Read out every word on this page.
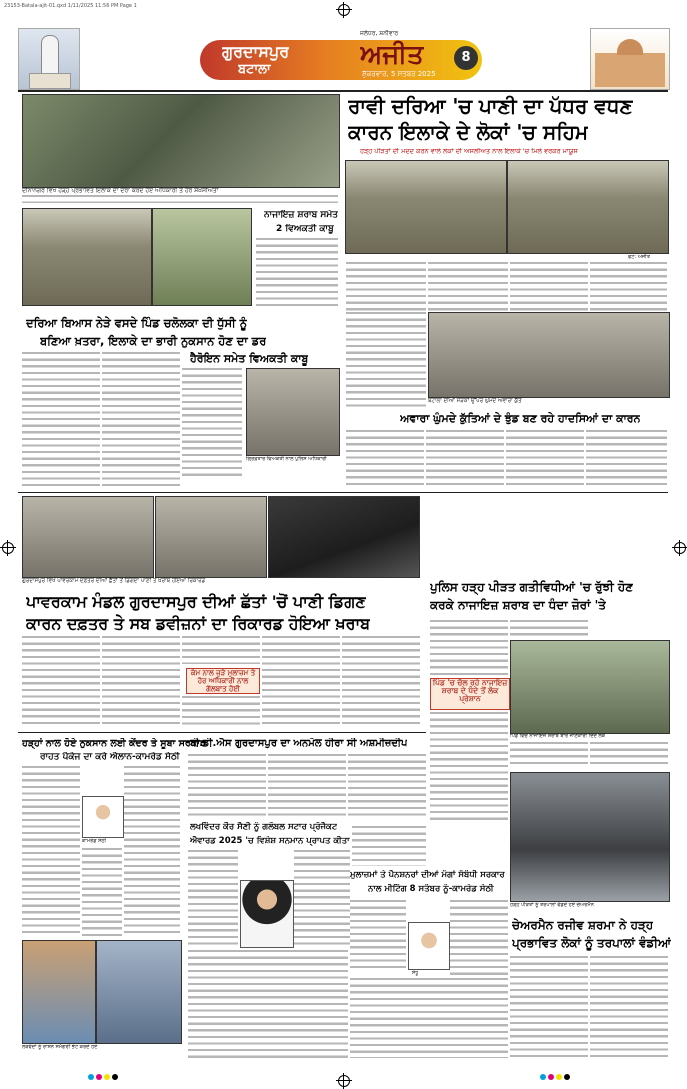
23153-Batala-ajit-01.qxd 1/11/2025 11:56 PM Page 1
ਗੁਰਦਾਸਪੁਰ
ਬਟਾਲਾ	ਅਜੀਤ
ਜਲੰਧਰ, ਸ਼ਨੀਵਾਰ
ਸ਼ੁੱਕਰਵਾਰ, 5 ਸਤੰਬਰ 2025
8
ਦੀਨਾਨਗਰ ਵਿਖੇ ਹੜ੍ਹ ਪ੍ਰਭਾਵਿਤ ਇਲਾਕੇ ਦਾ ਦੌਰਾ ਕਰਦੇ ਹੋਏ ਅਧਿਕਾਰੀ ਤੇ ਹੋਰ ਸ਼ਖ਼ਸੀਅਤਾਂ
ਰਾਵੀ ਦਰਿਆ 'ਚ ਪਾਣੀ ਦਾ ਪੱਧਰ ਵਧਣ
ਕਾਰਨ ਇਲਾਕੇ ਦੇ ਲੋਕਾਂ 'ਚ ਸਹਿਮ
ਹੜ੍ਹ ਪੀੜਤਾਂ ਦੀ ਮਦਦ ਕਰਨ ਵਾਲੇ ਲੋਕਾਂ ਦੀ ਅਸਲੀਅਤ ਨਾਲ ਇਲਾਕੇ 'ਚ ਮਿਲੇ ਵਰਕਰ ਮਾਯੂਸ
ਫੋਟੋ: ਅਜੀਤ
ਨਾਜਾਇਜ਼ ਸ਼ਰਾਬ ਸਮੇਤ
2 ਵਿਅਕਤੀ ਕਾਬੂ
ਦਰਿਆ ਬਿਆਸ ਨੇੜੇ ਵਸਦੇ ਪਿੰਡ ਚਲੋਲਕਾ ਦੀ ਧੁੱਸੀ ਨੂੰ
ਬਣਿਆ ਖ਼ਤਰਾ, ਇਲਾਕੇ ਦਾ ਭਾਰੀ ਨੁਕਸਾਨ ਹੋਣ ਦਾ ਡਰ
ਹੈਰੋਇਨ ਸਮੇਤ ਵਿਅਕਤੀ ਕਾਬੂ
ਗ੍ਰਿਫ਼ਤਾਰ ਵਿਅਕਤੀ ਨਾਲ ਪੁਲਿਸ ਅਧਿਕਾਰੀ
ਬਟਾਲਾ ਦੀਆਂ ਸੜਕਾਂ ਉੱਪਰ ਘੁੰਮਦੇ ਅਵਾਰਾ ਕੁੱਤੇ
ਅਵਾਰਾ ਘੁੰਮਦੇ ਕੁੱਤਿਆਂ ਦੇ ਝੁੰਡ ਬਣ ਰਹੇ ਹਾਦਸਿਆਂ ਦਾ ਕਾਰਨ
ਗੁਰਦਾਸਪੁਰ ਵਿਖੇ ਪਾਵਰਕਾਮ ਦਫ਼ਤਰ ਦੀਆਂ ਛੱਤਾਂ ਤੋਂ ਡਿਗਦਾ ਪਾਣੀ ਤੇ ਖ਼ਰਾਬ ਹੋਇਆ ਰਿਕਾਰਡ
ਪਾਵਰਕਾਮ ਮੰਡਲ ਗੁਰਦਾਸਪੁਰ ਦੀਆਂ ਛੱਤਾਂ 'ਚੋਂ ਪਾਣੀ ਡਿਗਣ
ਕਾਰਨ ਦਫ਼ਤਰ ਤੇ ਸਬ ਡਵੀਜ਼ਨਾਂ ਦਾ ਰਿਕਾਰਡ ਹੋਇਆ ਖ਼ਰਾਬ
ਕੰਮ ਨਾਲ ਜੁੜੇ ਮੁਲਾਜ਼ਮ ਤੇ ਹੋਰ ਅਧਿਕਾਰੀ ਨਾਲ ਗੱਲਬਾਤ ਹੋਈ
ਪੁਲਿਸ ਹੜ੍ਹ ਪੀੜਤ ਗਤੀਵਿਧੀਆਂ 'ਚ ਰੁੱਝੀ ਹੋਣ
ਕਰਕੇ ਨਾਜਾਇਜ਼ ਸ਼ਰਾਬ ਦਾ ਧੰਦਾ ਜ਼ੋਰਾਂ 'ਤੇ
ਪਿੰਡ 'ਚ ਚੱਲ ਰਹੇ ਨਾਜਾਇਜ਼ ਸ਼ਰਾਬ ਦੇ ਧੰਦੇ ਤੋਂ ਲੋਕ ਪ੍ਰੇਸ਼ਾਨ
ਪਿੰਡ ਵਿਚ ਨਾਜਾਇਜ਼ ਸ਼ਰਾਬ ਬਾਰੇ ਜਾਣਕਾਰੀ ਦਿੰਦੇ ਲੋਕ
ਹੜ੍ਹਾਂ ਨਾਲ ਹੋਏ ਨੁਕਸਾਨ ਲਈ ਕੇਂਦਰ ਤੇ ਸੂਬਾ ਸਰਕਾਰ
ਰਾਹਤ ਪੈਕੇਜ ਦਾ ਕਰੇ ਐਲਾਨ-ਕਾਮਰੇਡ ਸੇਠੀ
ਕਾਮਰੇਡ ਸੇਠੀ
ਬੀ.ਡੀ.ਐਸ ਗੁਰਦਾਸਪੁਰ ਦਾ ਅਨਮੋਲ ਹੀਰਾ ਸੀ ਅਸ਼ਮੀਜ਼ਦੀਪ
ਲਖਵਿੰਦਰ ਕੌਰ ਸੈਣੀ ਨੂੰ ਗਲੋਬਲ ਸਟਾਰ ਪ੍ਰੋਜੈਕਟ
ਐਵਾਰਡ 2025 'ਚ ਵਿਸ਼ੇਸ਼ ਸਨਮਾਨ ਪ੍ਰਾਪਤ ਕੀਤਾ
ਮੁਲਾਜ਼ਮਾਂ ਤੇ ਪੈਨਸ਼ਨਰਾਂ ਦੀਆਂ ਮੰਗਾਂ ਸੰਬੰਧੀ ਸਰਕਾਰ
ਨਾਲ ਮੀਟਿੰਗ 8 ਸਤੰਬਰ ਨੂੰ-ਕਾਮਰੇਡ ਸੇਠੀ
ਸੰਧੂ
ਲੋੜਵੰਦਾਂ ਨੂੰ ਰਾਸ਼ਨ ਸਮੱਗਰੀ ਭੇਟ ਕਰਦੇ ਹੋਏ
ਹੜ੍ਹ ਪੀੜਤਾਂ ਨੂੰ ਤਰਪਾਲਾਂ ਵੰਡਦੇ ਹੋਏ ਚੇਅਰਮੈਨ
ਚੇਅਰਮੈਨ ਰਜੀਵ ਸ਼ਰਮਾ ਨੇ ਹੜ੍ਹ
ਪ੍ਰਭਾਵਿਤ ਲੋਕਾਂ ਨੂੰ ਤਰਪਾਲਾਂ ਵੰਡੀਆਂ
